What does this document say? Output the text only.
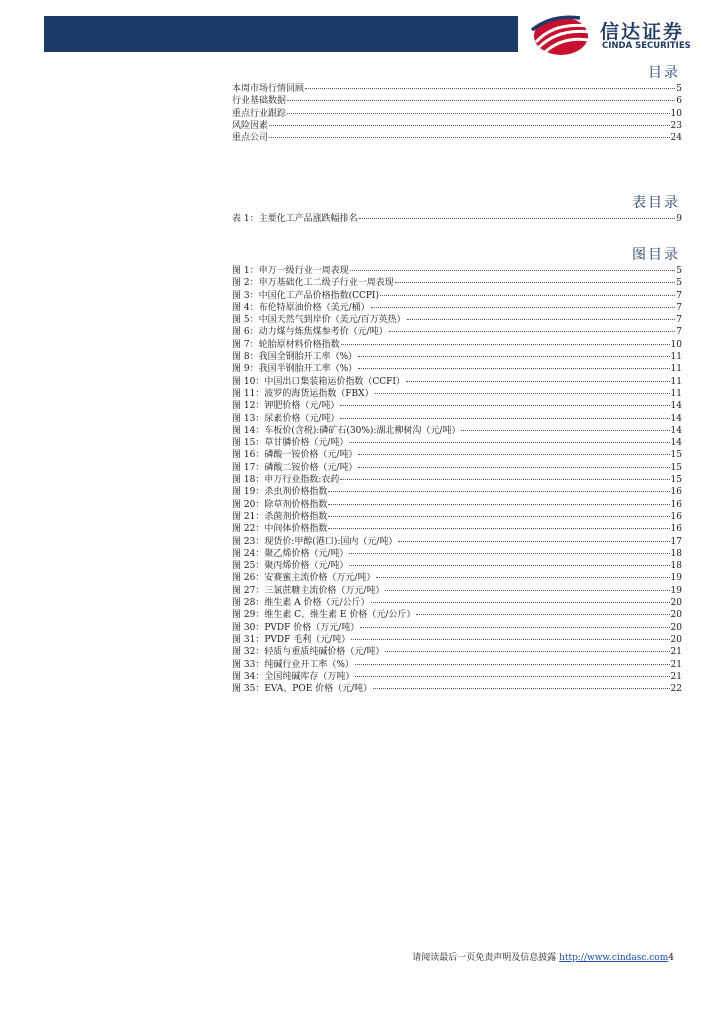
信达证券
CINDA SECURITIES
目录
本周市场行情回顾	5
行业基础数据	6
重点行业跟踪	10
风险因素	23
重点公司	24
表目录
表 1：主要化工产品涨跌幅排名	9
图目录
图 1：申万一级行业一周表现	5
图 2：申万基础化工二级子行业一周表现	5
图 3：中国化工产品价格指数(CCPI)	7
图 4：布伦特原油价格（美元/桶）	7
图 5：中国天然气到岸价（美元/百万英热）	7
图 6：动力煤与炼焦煤参考价（元/吨）	7
图 7：轮胎原材料价格指数	10
图 8：我国全钢胎开工率（%）	11
图 9：我国半钢胎开工率（%）	11
图 10：中国出口集装箱运价指数（CCFI）	11
图 11：波罗的海货运指数（FBX）	11
图 12：钾肥价格（元/吨）	14
图 13：尿素价格（元/吨）	14
图 14：车板价(含税):磷矿石(30%):湖北柳树沟（元/吨）	14
图 15：草甘膦价格（元/吨）	14
图 16：磷酸一铵价格（元/吨）	15
图 17：磷酸二铵价格（元/吨）	15
图 18：申万行业指数:农药	15
图 19：杀虫剂价格指数	16
图 20：除草剂价格指数	16
图 21：杀菌剂价格指数	16
图 22：中间体价格指数	16
图 23：现货价:甲醇(港口):国内（元/吨）	17
图 24：聚乙烯价格（元/吨）	18
图 25：聚丙烯价格（元/吨）	18
图 26：安赛蜜主流价格（万元/吨）	19
图 27：三氯蔗糖主流价格（万元/吨）	19
图 28：维生素 A 价格（元/公斤）	20
图 29：维生素 C、维生素 E 价格（元/公斤）	20
图 30：PVDF 价格（万元/吨）	20
图 31：PVDF 毛利（元/吨）	20
图 32：轻质与重质纯碱价格（元/吨）	21
图 33：纯碱行业开工率（%）	21
图 34：全国纯碱库存（万吨）	21
图 35：EVA、POE 价格（元/吨）	22
请阅读最后一页免责声明及信息披露 http://www.cindasc.com4
